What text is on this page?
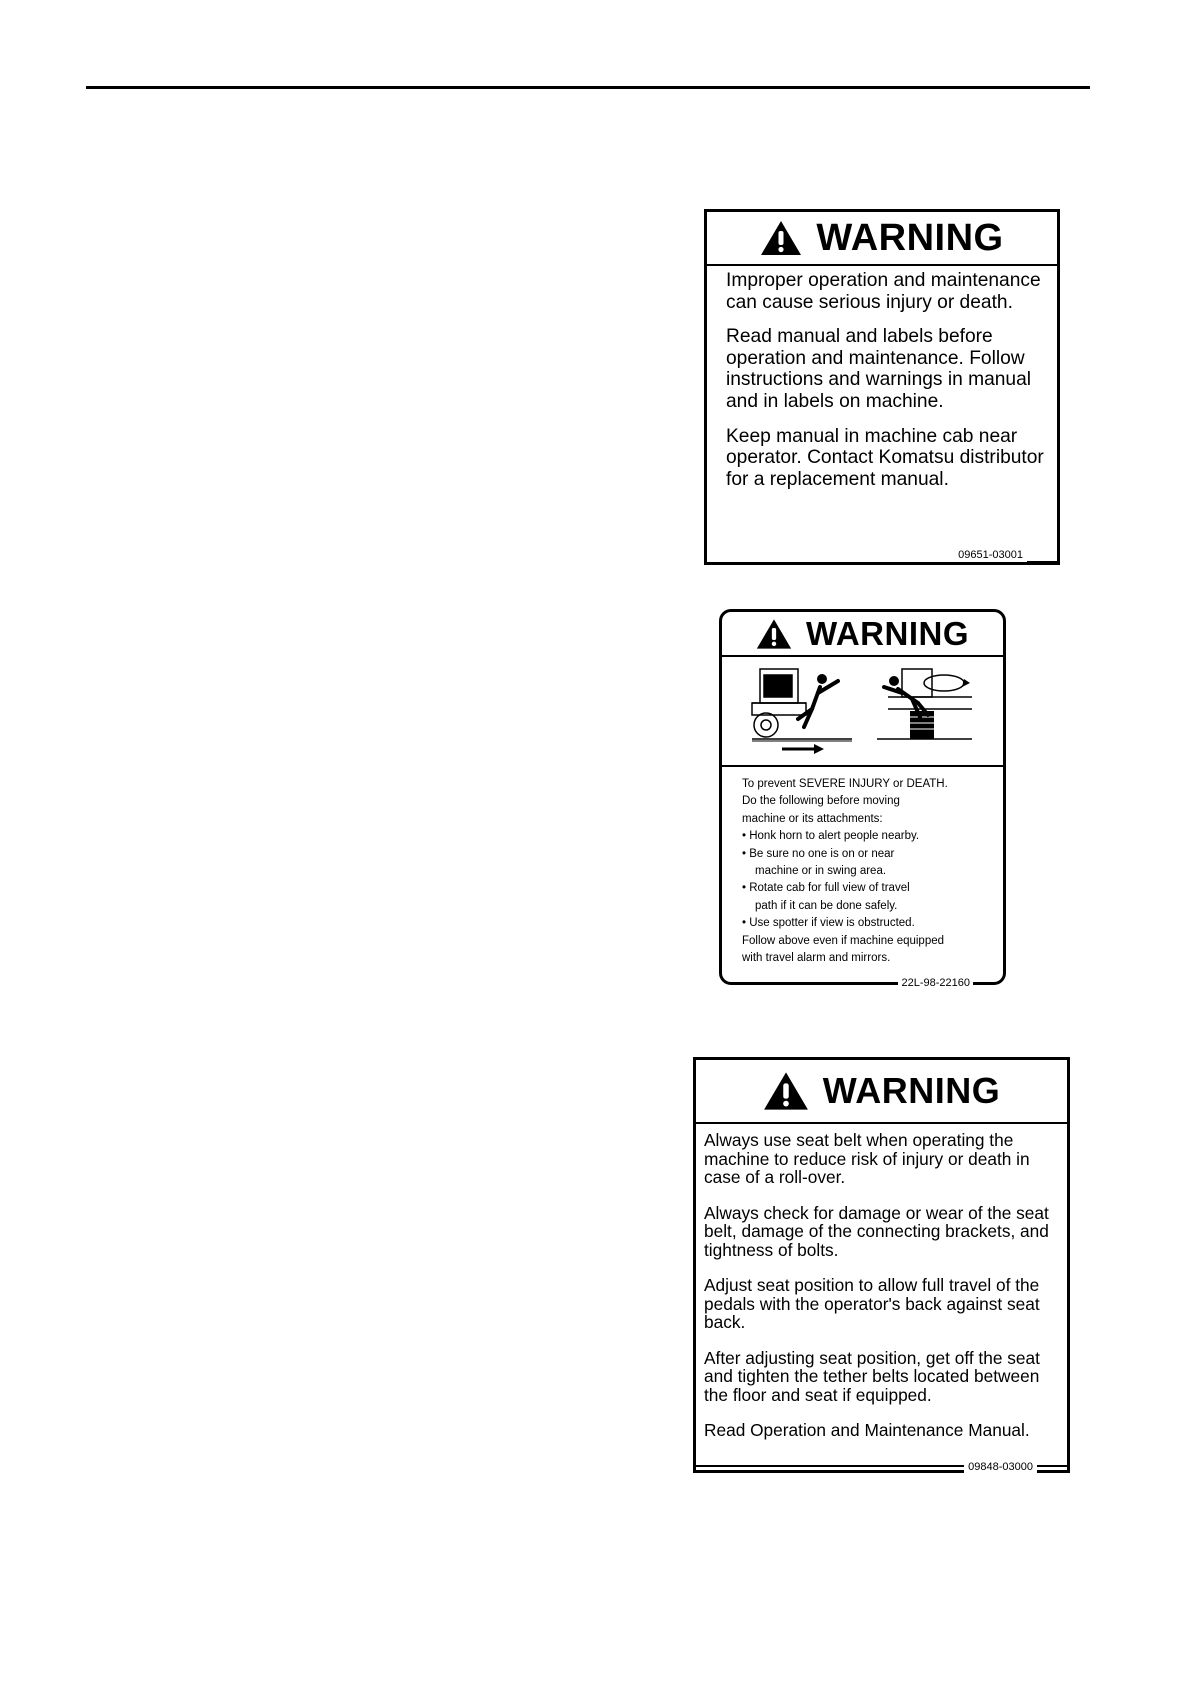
WARNING

Improper operation and maintenance can cause serious injury or death.

Read manual and labels before operation and maintenance. Follow instructions and warnings in manual and in labels on machine.

Keep manual in machine cab near operator. Contact Komatsu distributor for a replacement manual.

09651-03001
WARNING
To prevent SEVERE INJURY or DEATH.
Do the following before moving
machine or its attachments:
• Honk horn to alert people nearby.
• Be sure no one is on or near
machine or in swing area.
• Rotate cab for full view of travel
path if it can be done safely.
• Use spotter if view is obstructed.
Follow above even if machine equipped
with travel alarm and mirrors.
22L-98-22160
WARNING

Always use seat belt when operating the machine to reduce risk of injury or death in case of a roll-over.

Always check for damage or wear of the seat belt, damage of the connecting brackets, and tightness of bolts.

Adjust seat position to allow full travel of the pedals with the operator's back against seat back.

After adjusting seat position, get off the seat and tighten the tether belts located between the floor and seat if equipped.

Read Operation and Maintenance Manual.

09848-03000
